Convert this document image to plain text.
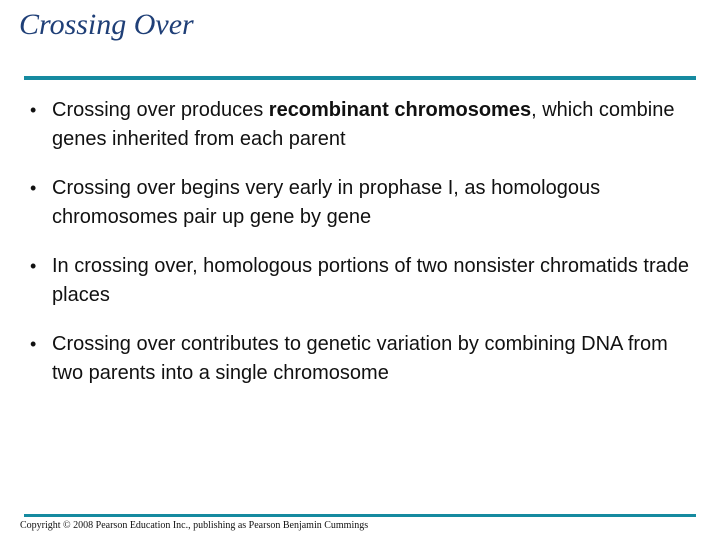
Crossing Over
• Crossing over produces recombinant chromosomes, which combine genes inherited from each parent
• Crossing over begins very early in prophase I, as homologous chromosomes pair up gene by gene
• In crossing over, homologous portions of two nonsister chromatids trade places
• Crossing over contributes to genetic variation by combining DNA from two parents into a single chromosome
Copyright © 2008 Pearson Education Inc., publishing as Pearson Benjamin Cummings
